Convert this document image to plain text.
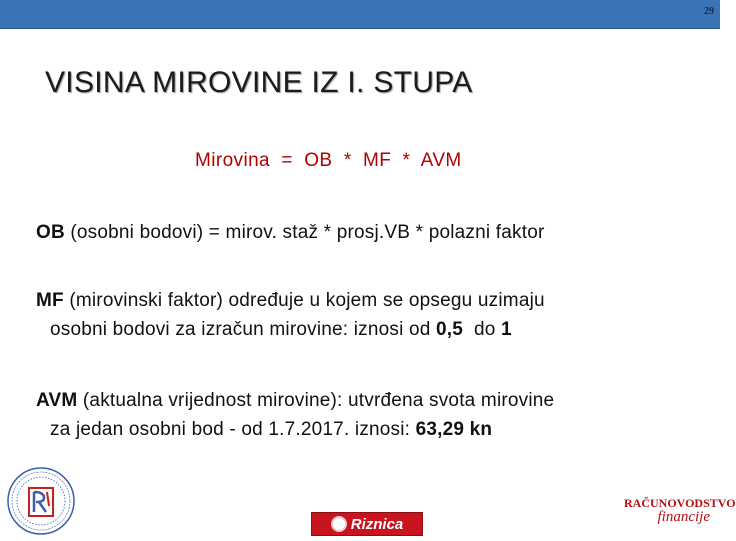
29
VISINA MIROVINE IZ I. STUPA
Mirovina  =  OB  *  MF  *  AVM
OB (osobni bodovi) = mirov. staž * prosj.VB * polazni faktor
MF (mirovinski faktor) određuje u kojem se opsegu uzimaju
osobni bodovi za izračun mirovine: iznosi od 0,5  do 1
AVM (aktualna vrijednost mirovine): utvrđena svota mirovine
za jedan osobni bod - od 1.7.2017. iznosi: 63,29 kn
Riznica
RAČUNOVODSTVO
financije
